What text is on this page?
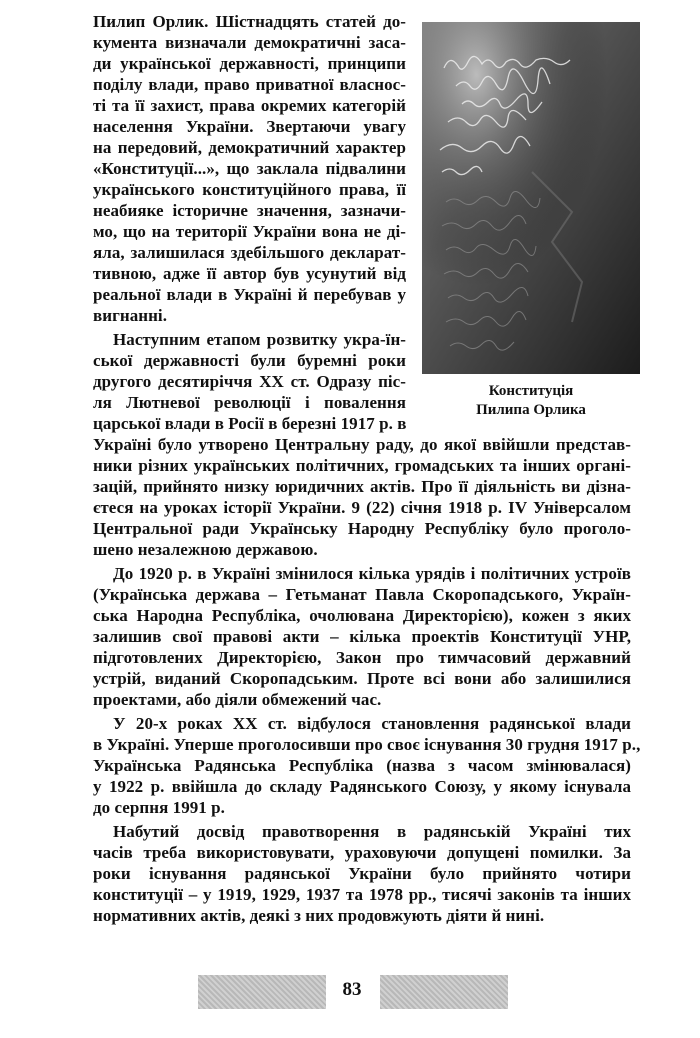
Конституція
Пилипа Орлика
Пилип Орлик. Шістнадцять статей до-
кумента визначали демократичні заса-
ди української державності, принципи
поділу влади, право приватної власнос-
ті та її захист, права окремих категорій
населення України. Звертаючи увагу
на передовий, демократичний характер
«Конституції...», що заклала підвалини
українського конституційного права, її
неабияке історичне значення, зазначи-
мо, що на території України вона не ді-
яла, залишилася здебільшого декларат-
тивною, адже її автор був усунутий від
реальної влади в Україні й перебував у
вигнанні.
Наступним етапом розвитку укра-їн-
ської державності були буремні роки
другого десятиріччя XX ст. Одразу піс-
ля Лютневої революції і повалення
царської влади в Росії в березні 1917 р. в
Україні було утворено Центральну раду, до якої ввійшли представ-
ники різних українських політичних, громадських та інших органі-
зацій, прийнято низку юридичних актів. Про її діяльність ви дізна-
єтеся на уроках історії України. 9 (22) січня 1918 р. IV Універсалом
Центральної ради Українську Народну Республіку було проголо-
шено незалежною державою.
До 1920 р. в Україні змінилося кілька урядів і політичних устроїв
(Українська держава – Гетьманат Павла Скоропадського, Україн-
ська Народна Республіка, очолювана Директорією), кожен з яких
залишив свої правові акти – кілька проектів Конституції УНР,
підготовлених Директорією, Закон про тимчасовий державний
устрій, виданий Скоропадським. Проте всі вони або залишилися
проектами, або діяли обмежений час.
У 20-х роках XX ст. відбулося становлення радянської влади
в Україні. Уперше проголосивши про своє існування 30 грудня 1917 р.,
Українська Радянська Республіка (назва з часом змінювалася)
у 1922 р. ввійшла до складу Радянського Союзу, у якому існувала
до серпня 1991 р.
Набутий досвід правотворення в радянській Україні тих
часів треба використовувати, ураховуючи допущені помилки. За
роки існування радянської України було прийнято чотири
конституції – у 1919, 1929, 1937 та 1978 рр., тисячі законів та інших
нормативних актів, деякі з них продовжують діяти й нині.
83
